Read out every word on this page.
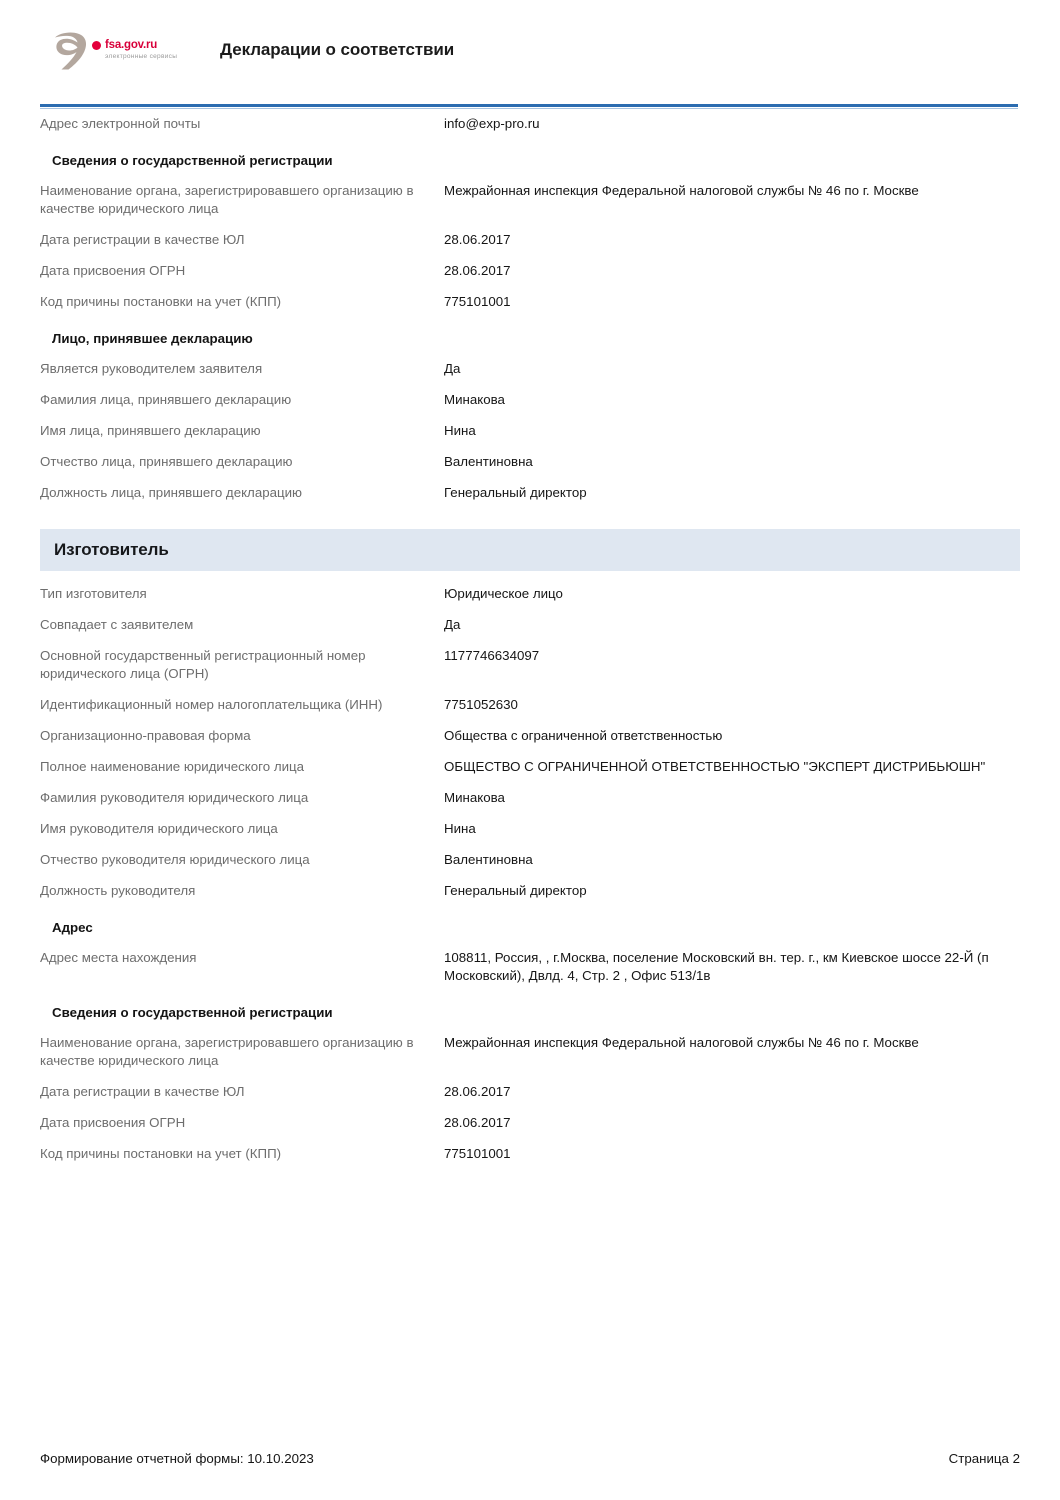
fsa.gov.ru
электронные сервисы	Декларации о соответствии
Адрес электронной почты	info@exp-pro.ru
Сведения о государственной регистрации	
Наименование органа, зарегистрировавшего организацию в качестве юридического лица	Межрайонная инспекция Федеральной налоговой службы № 46 по г. Москве
Дата регистрации в качестве ЮЛ	28.06.2017
Дата присвоения ОГРН	28.06.2017
Код причины постановки на учет (КПП)	775101001
Лицо, принявшее декларацию	
Является руководителем заявителя	Да
Фамилия лица, принявшего декларацию	Минакова
Имя лица, принявшего декларацию	Нина
Отчество лица, принявшего декларацию	Валентиновна
Должность лица, принявшего декларацию	Генеральный директор
Изготовитель
Тип изготовителя	Юридическое лицо
Совпадает с заявителем	Да
Основной государственный регистрационный номер юридического лица (ОГРН)	1177746634097
Идентификационный номер налогоплательщика (ИНН)	7751052630
Организационно-правовая форма	Общества с ограниченной ответственностью
Полное наименование юридического лица	ОБЩЕСТВО С ОГРАНИЧЕННОЙ ОТВЕТСТВЕННОСТЬЮ "ЭКСПЕРТ ДИСТРИБЬЮШН"
Фамилия руководителя юридического лица	Минакова
Имя руководителя юридического лица	Нина
Отчество руководителя юридического лица	Валентиновна
Должность руководителя	Генеральный директор
Адрес	
Адрес места нахождения	108811, Россия, , г.Москва, поселение Московский вн. тер. г., км Киевское шоссе 22-Й (п Московский), Двлд. 4, Стр. 2 , Офис 513/1в
Сведения о государственной регистрации	
Наименование органа, зарегистрировавшего организацию в качестве юридического лица	Межрайонная инспекция Федеральной налоговой службы № 46 по г. Москве
Дата регистрации в качестве ЮЛ	28.06.2017
Дата присвоения ОГРН	28.06.2017
Код причины постановки на учет (КПП)	775101001
Формирование отчетной формы: 10.10.2023	Страница 2
